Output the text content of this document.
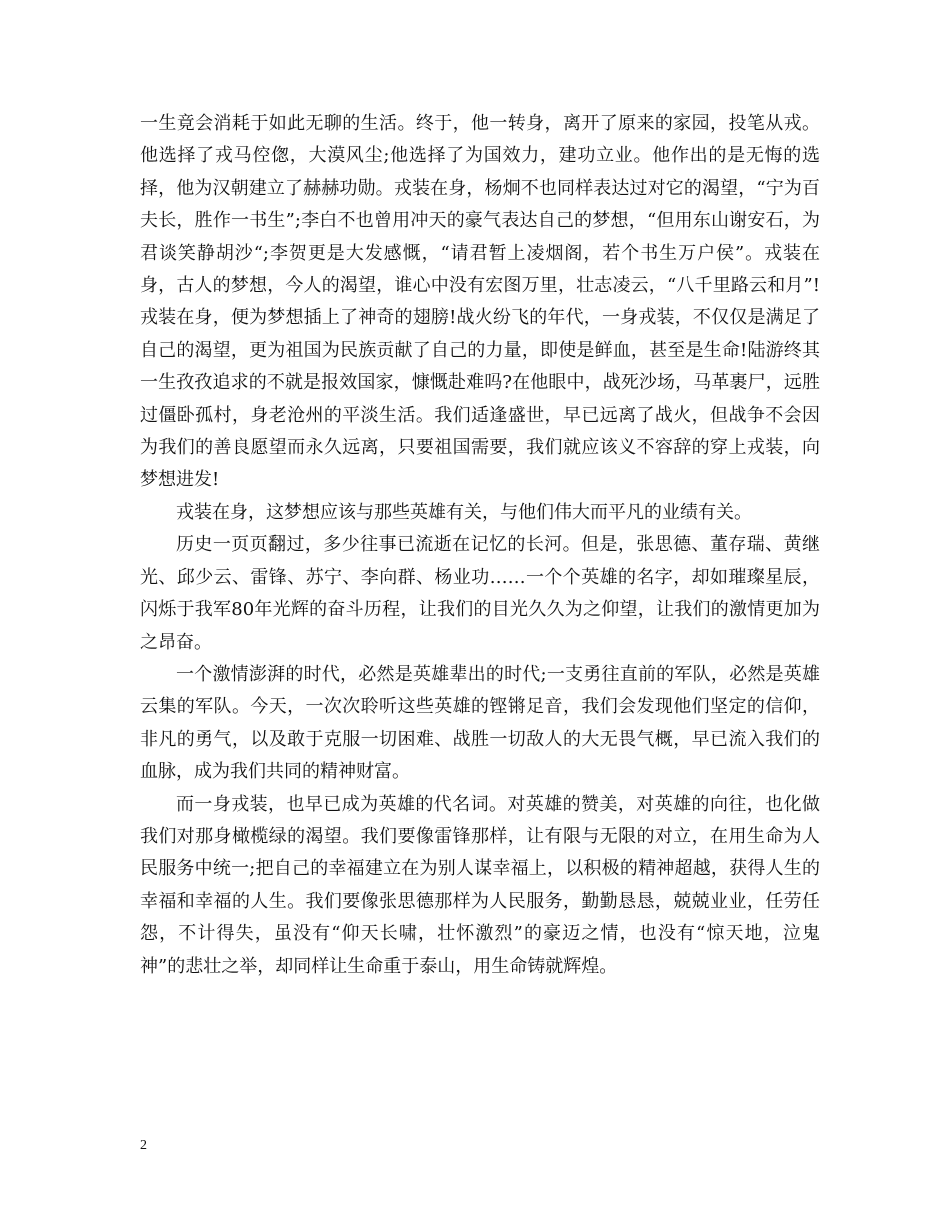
一生竟会消耗于如此无聊的生活。终于，他一转身，离开了原来的家园，投笔从戎。他选择了戎马倥偬，大漠风尘;他选择了为国效力，建功立业。他作出的是无悔的选择，他为汉朝建立了赫赫功勋。戎装在身，杨炯不也同样表达过对它的渴望，“宁为百夫长，胜作一书生”;李白不也曾用冲天的豪气表达自己的梦想，“但用东山谢安石，为君谈笑静胡沙“;李贺更是大发感慨，“请君暂上凌烟阁，若个书生万户侯”。戎装在身，古人的梦想，今人的渴望，谁心中没有宏图万里，壮志凌云，“八千里路云和月”!戎装在身，便为梦想插上了神奇的翅膀!战火纷飞的年代，一身戎装，不仅仅是满足了自己的渴望，更为祖国为民族贡献了自己的力量，即使是鲜血，甚至是生命!陆游终其一生孜孜追求的不就是报效国家，慷慨赴难吗?在他眼中，战死沙场，马革裹尸，远胜过僵卧孤村，身老沧州的平淡生活。我们适逢盛世，早已远离了战火，但战争不会因为我们的善良愿望而永久远离，只要祖国需要，我们就应该义不容辞的穿上戎装，向梦想进发!

戎装在身，这梦想应该与那些英雄有关，与他们伟大而平凡的业绩有关。

历史一页页翻过，多少往事已流逝在记忆的长河。但是，张思德、董存瑞、黄继光、邱少云、雷锋、苏宁、李向群、杨业功……一个个英雄的名字，却如璀璨星辰，闪烁于我军80年光辉的奋斗历程，让我们的目光久久为之仰望，让我们的激情更加为之昂奋。

一个激情澎湃的时代，必然是英雄辈出的时代;一支勇往直前的军队，必然是英雄云集的军队。今天，一次次聆听这些英雄的铿锵足音，我们会发现他们坚定的信仰，非凡的勇气，以及敢于克服一切困难、战胜一切敌人的大无畏气概，早已流入我们的血脉，成为我们共同的精神财富。

而一身戎装，也早已成为英雄的代名词。对英雄的赞美，对英雄的向往，也化做我们对那身橄榄绿的渴望。我们要像雷锋那样，让有限与无限的对立，在用生命为人民服务中统一;把自己的幸福建立在为别人谋幸福上，以积极的精神超越，获得人生的幸福和幸福的人生。我们要像张思德那样为人民服务，勤勤恳恳，兢兢业业，任劳任怨，不计得失，虽没有“仰天长啸，壮怀激烈”的豪迈之情，也没有“惊天地，泣鬼神”的悲壮之举，却同样让生命重于泰山，用生命铸就辉煌。

2
